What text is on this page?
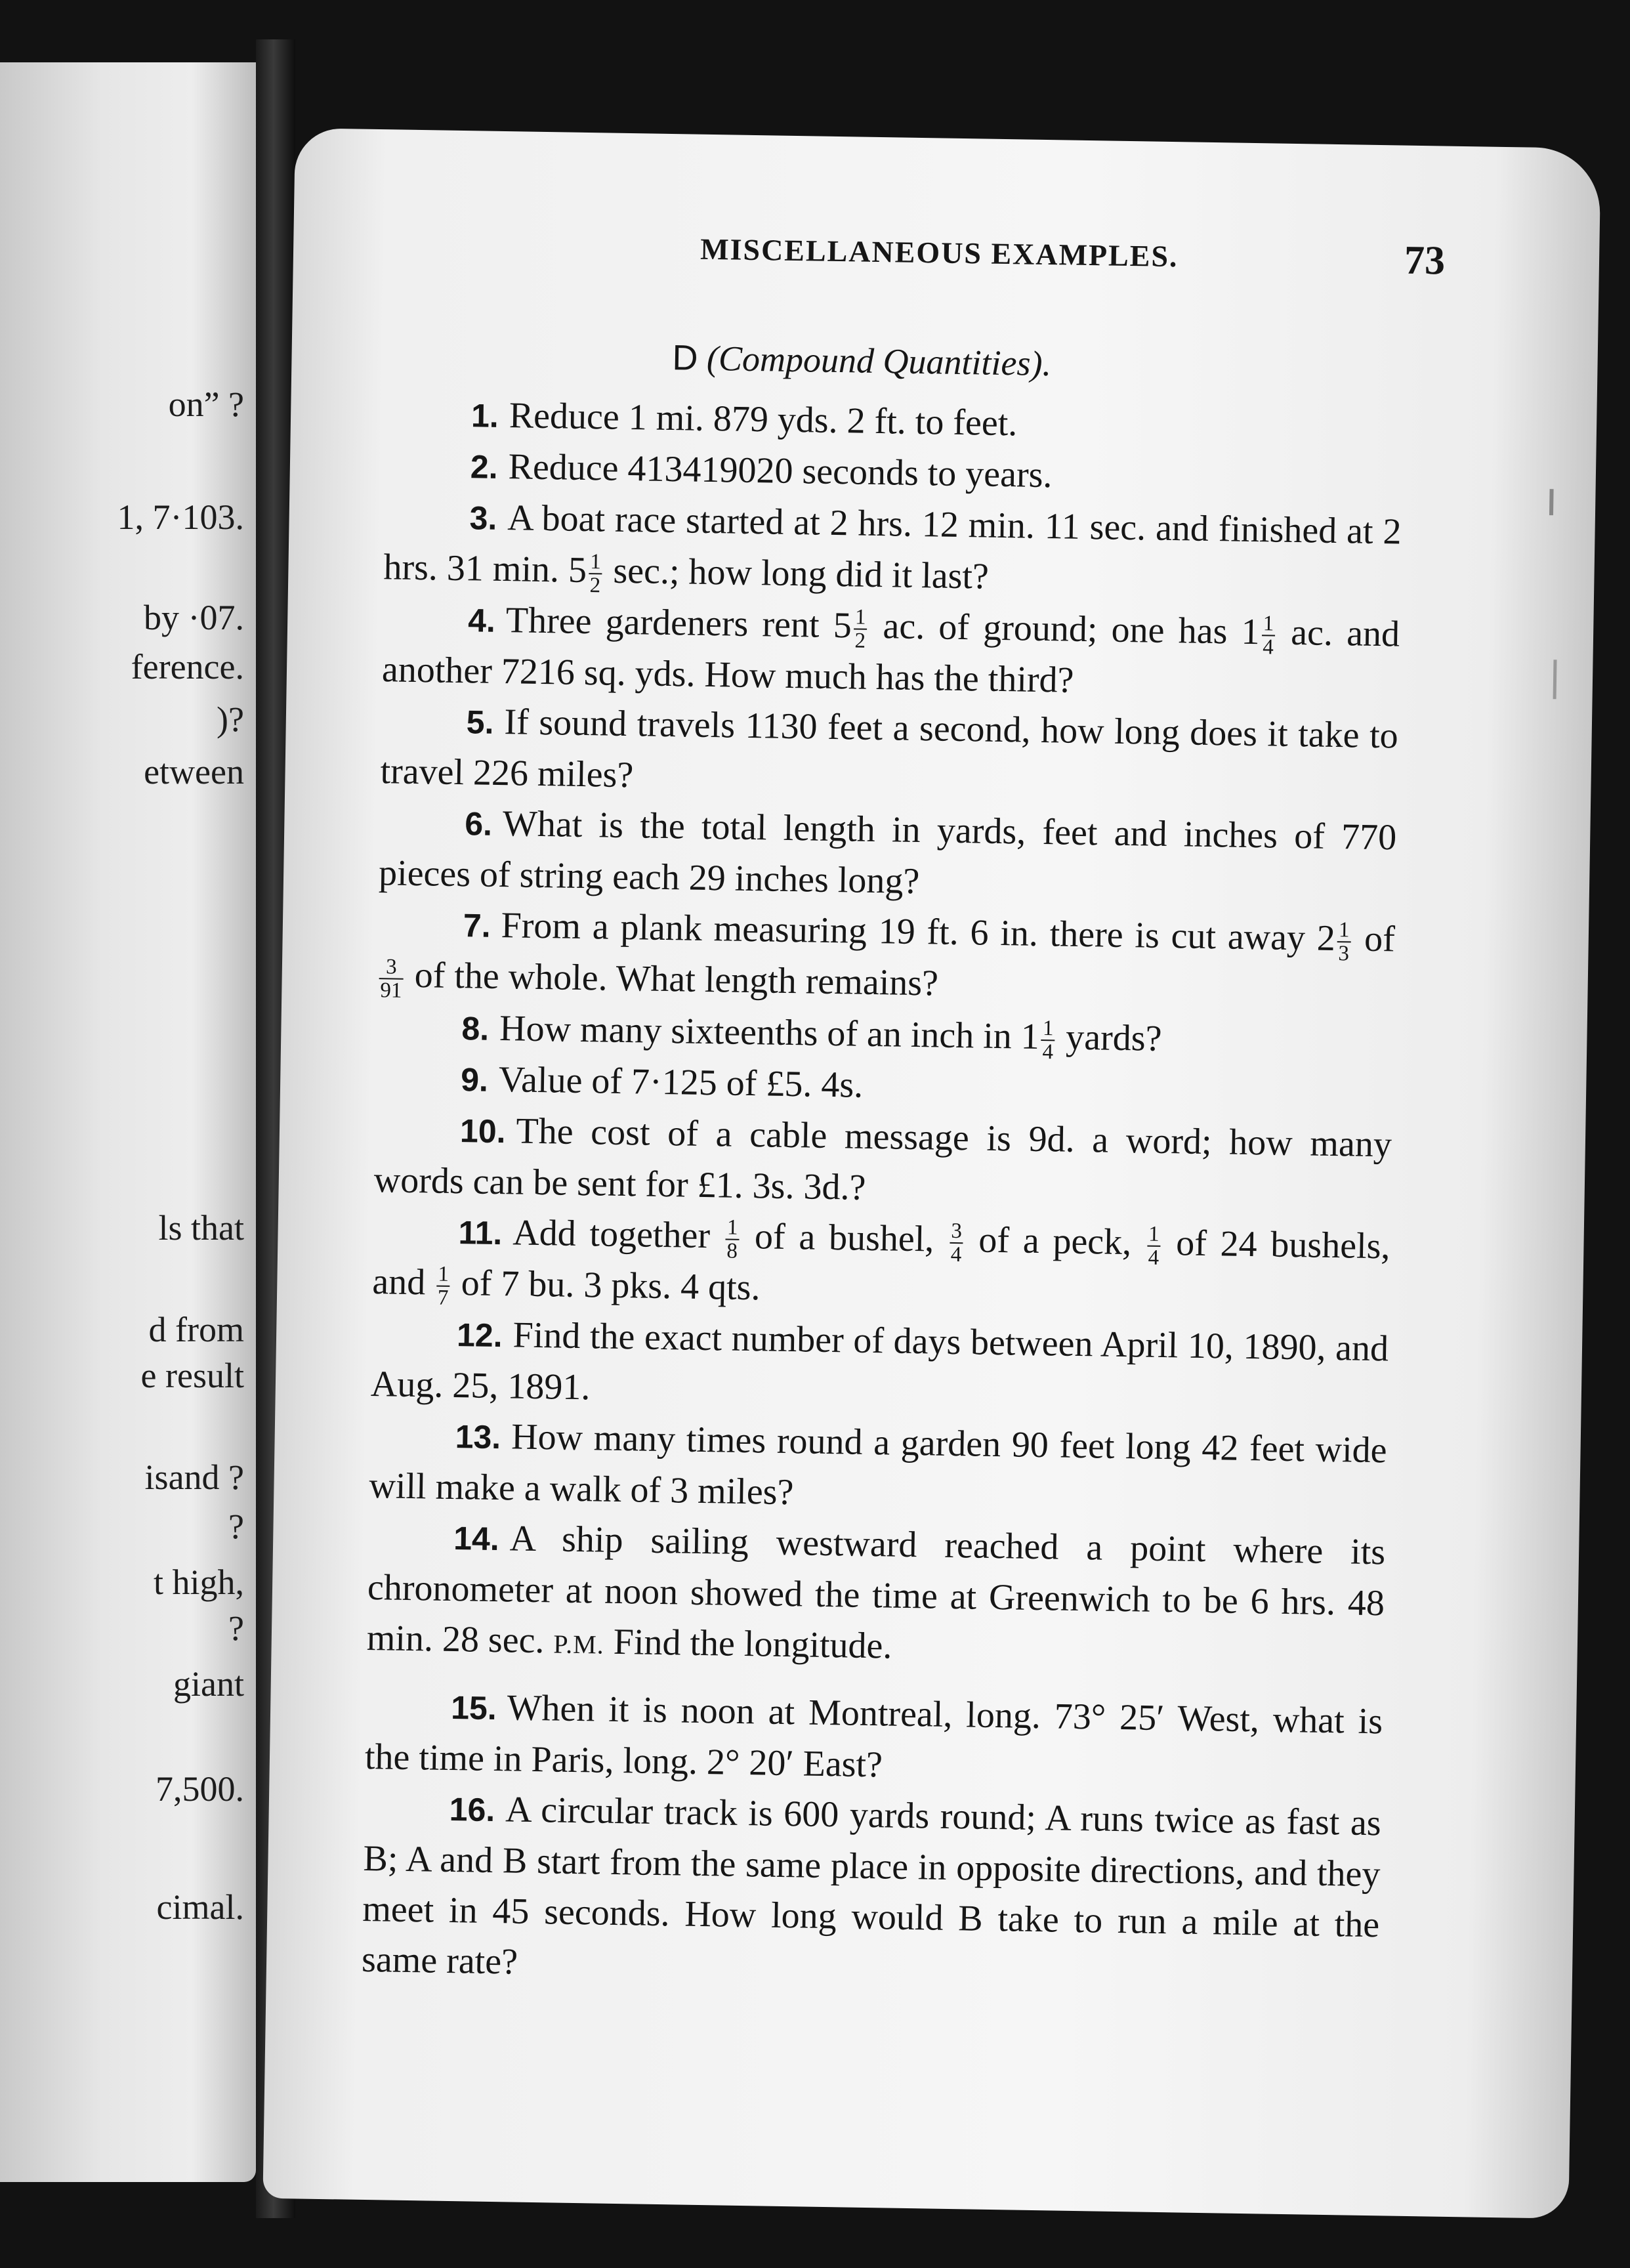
on” ?
1, 7·103.
by ·07.
ference.
)?
etween
ls that
d from
e result
isand ?
?
t high,
?
giant
7,500.
cimal.
MISCELLANEOUS EXAMPLES.	73
D (Compound Quantities).

1. Reduce 1 mi. 879 yds. 2 ft. to feet.

2. Reduce 413419020 seconds to years.

3. A boat race started at 2 hrs. 12 min. 11 sec. and finished at 2 hrs. 31 min. $5 \frac{1}{2} \sec$.; how long did it last?

4. Three gardeners rent $5 \frac{1}{2}$ ac. of ground; one has $1 \frac{1}{4}$ ac. and another 7216 sq. yds. How much has the third?

5. If sound travels 1130 feet a second, how long does it take to travel 226 miles?

6. What is the total length in yards, feet and inches of 770 pieces of string each 29 inches long?

7. From a plank measuring 19 ft. 6 in. there is cut away $2 \frac{1}{3}$ of
$\frac{3}{91}$ of the whole. What length remains?

8. How many sixteenths of an inch in $1 \frac{1}{4}$ yards?

9. Value of 7·125 of £5. 4s.

10. The cost of a cable message is 9d. a word; how many words can be sent for £1. 3s. 3d.?

11. Add together $\frac{1}{8}$ of a bushel, $\frac{3}{4}$ of a peck, $\frac{1}{4}$ of 24 bushels, and $\frac{1}{7}$ of 7 bu. 3 pks. 4 qts.

12. Find the exact number of days between April 10, 1890, and Aug. 25, 1891.

13. How many times round a garden 90 feet long 42 feet wide will make a walk of 3 miles?

14. A ship sailing westward reached a point where its chronometer at noon showed the time at Greenwich to be 6 hrs. 48 min. 28 sec. P.M. Find the longitude.

15. When it is noon at Montreal, long. 73° 25′ West, what is the time in Paris, long. 2° 20′ East?

16. A circular track is 600 yards round; A runs twice as fast as B; A and B start from the same place in opposite directions, and they meet in 45 seconds. How long would B take to run a mile at the same rate?
